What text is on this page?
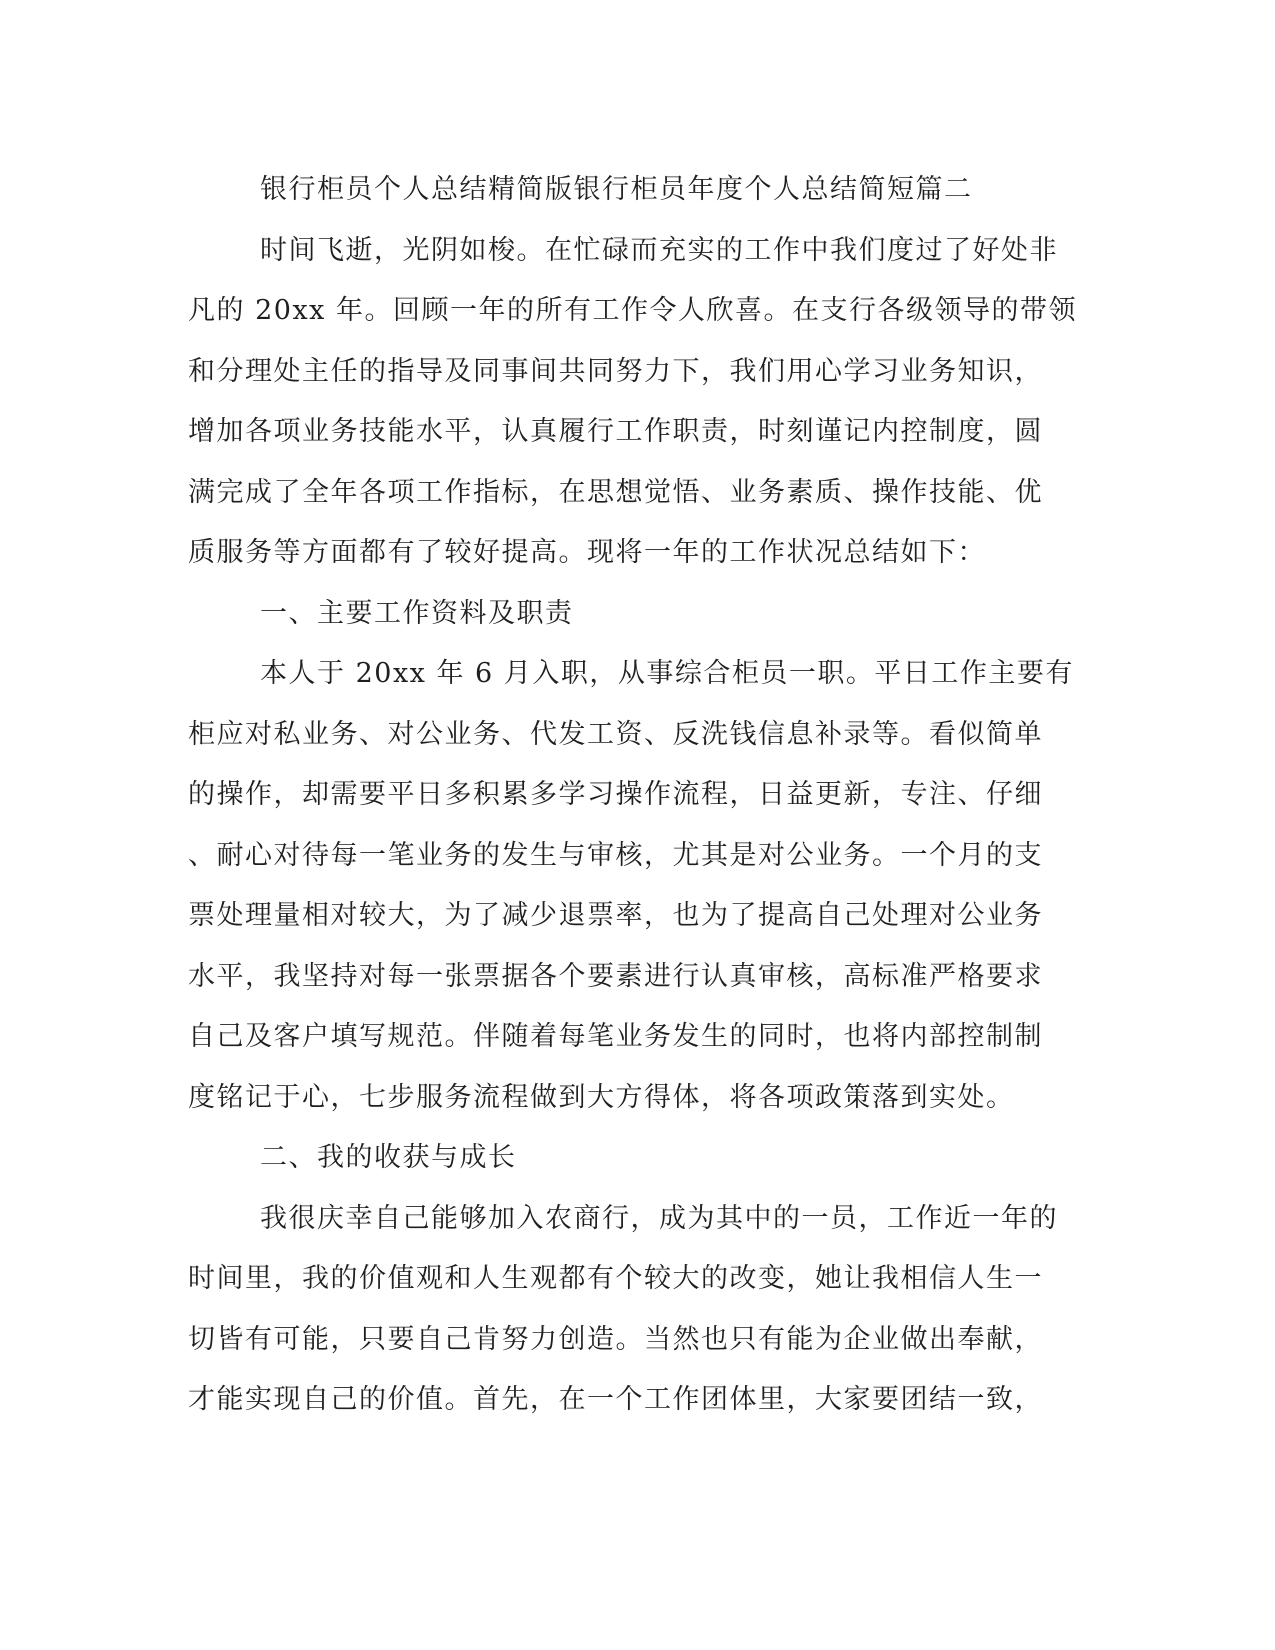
银行柜员个人总结精简版银行柜员年度个人总结简短篇二
时间飞逝，光阴如梭。在忙碌而充实的工作中我们度过了好处非
凡的 20xx 年。回顾一年的所有工作令人欣喜。在支行各级领导的带领
和分理处主任的指导及同事间共同努力下，我们用心学习业务知识，
增加各项业务技能水平，认真履行工作职责，时刻谨记内控制度，圆
满完成了全年各项工作指标，在思想觉悟、业务素质、操作技能、优
质服务等方面都有了较好提高。现将一年的工作状况总结如下：
一、主要工作资料及职责
本人于 20xx 年 6 月入职，从事综合柜员一职。平日工作主要有
柜应对私业务、对公业务、代发工资、反洗钱信息补录等。看似简单
的操作，却需要平日多积累多学习操作流程，日益更新，专注、仔细
、耐心对待每一笔业务的发生与审核，尤其是对公业务。一个月的支
票处理量相对较大，为了减少退票率，也为了提高自己处理对公业务
水平，我坚持对每一张票据各个要素进行认真审核，高标准严格要求
自己及客户填写规范。伴随着每笔业务发生的同时，也将内部控制制
度铭记于心，七步服务流程做到大方得体，将各项政策落到实处。
二、我的收获与成长
我很庆幸自己能够加入农商行，成为其中的一员，工作近一年的
时间里，我的价值观和人生观都有个较大的改变，她让我相信人生一
切皆有可能，只要自己肯努力创造。当然也只有能为企业做出奉献，
才能实现自己的价值。首先，在一个工作团体里，大家要团结一致，
